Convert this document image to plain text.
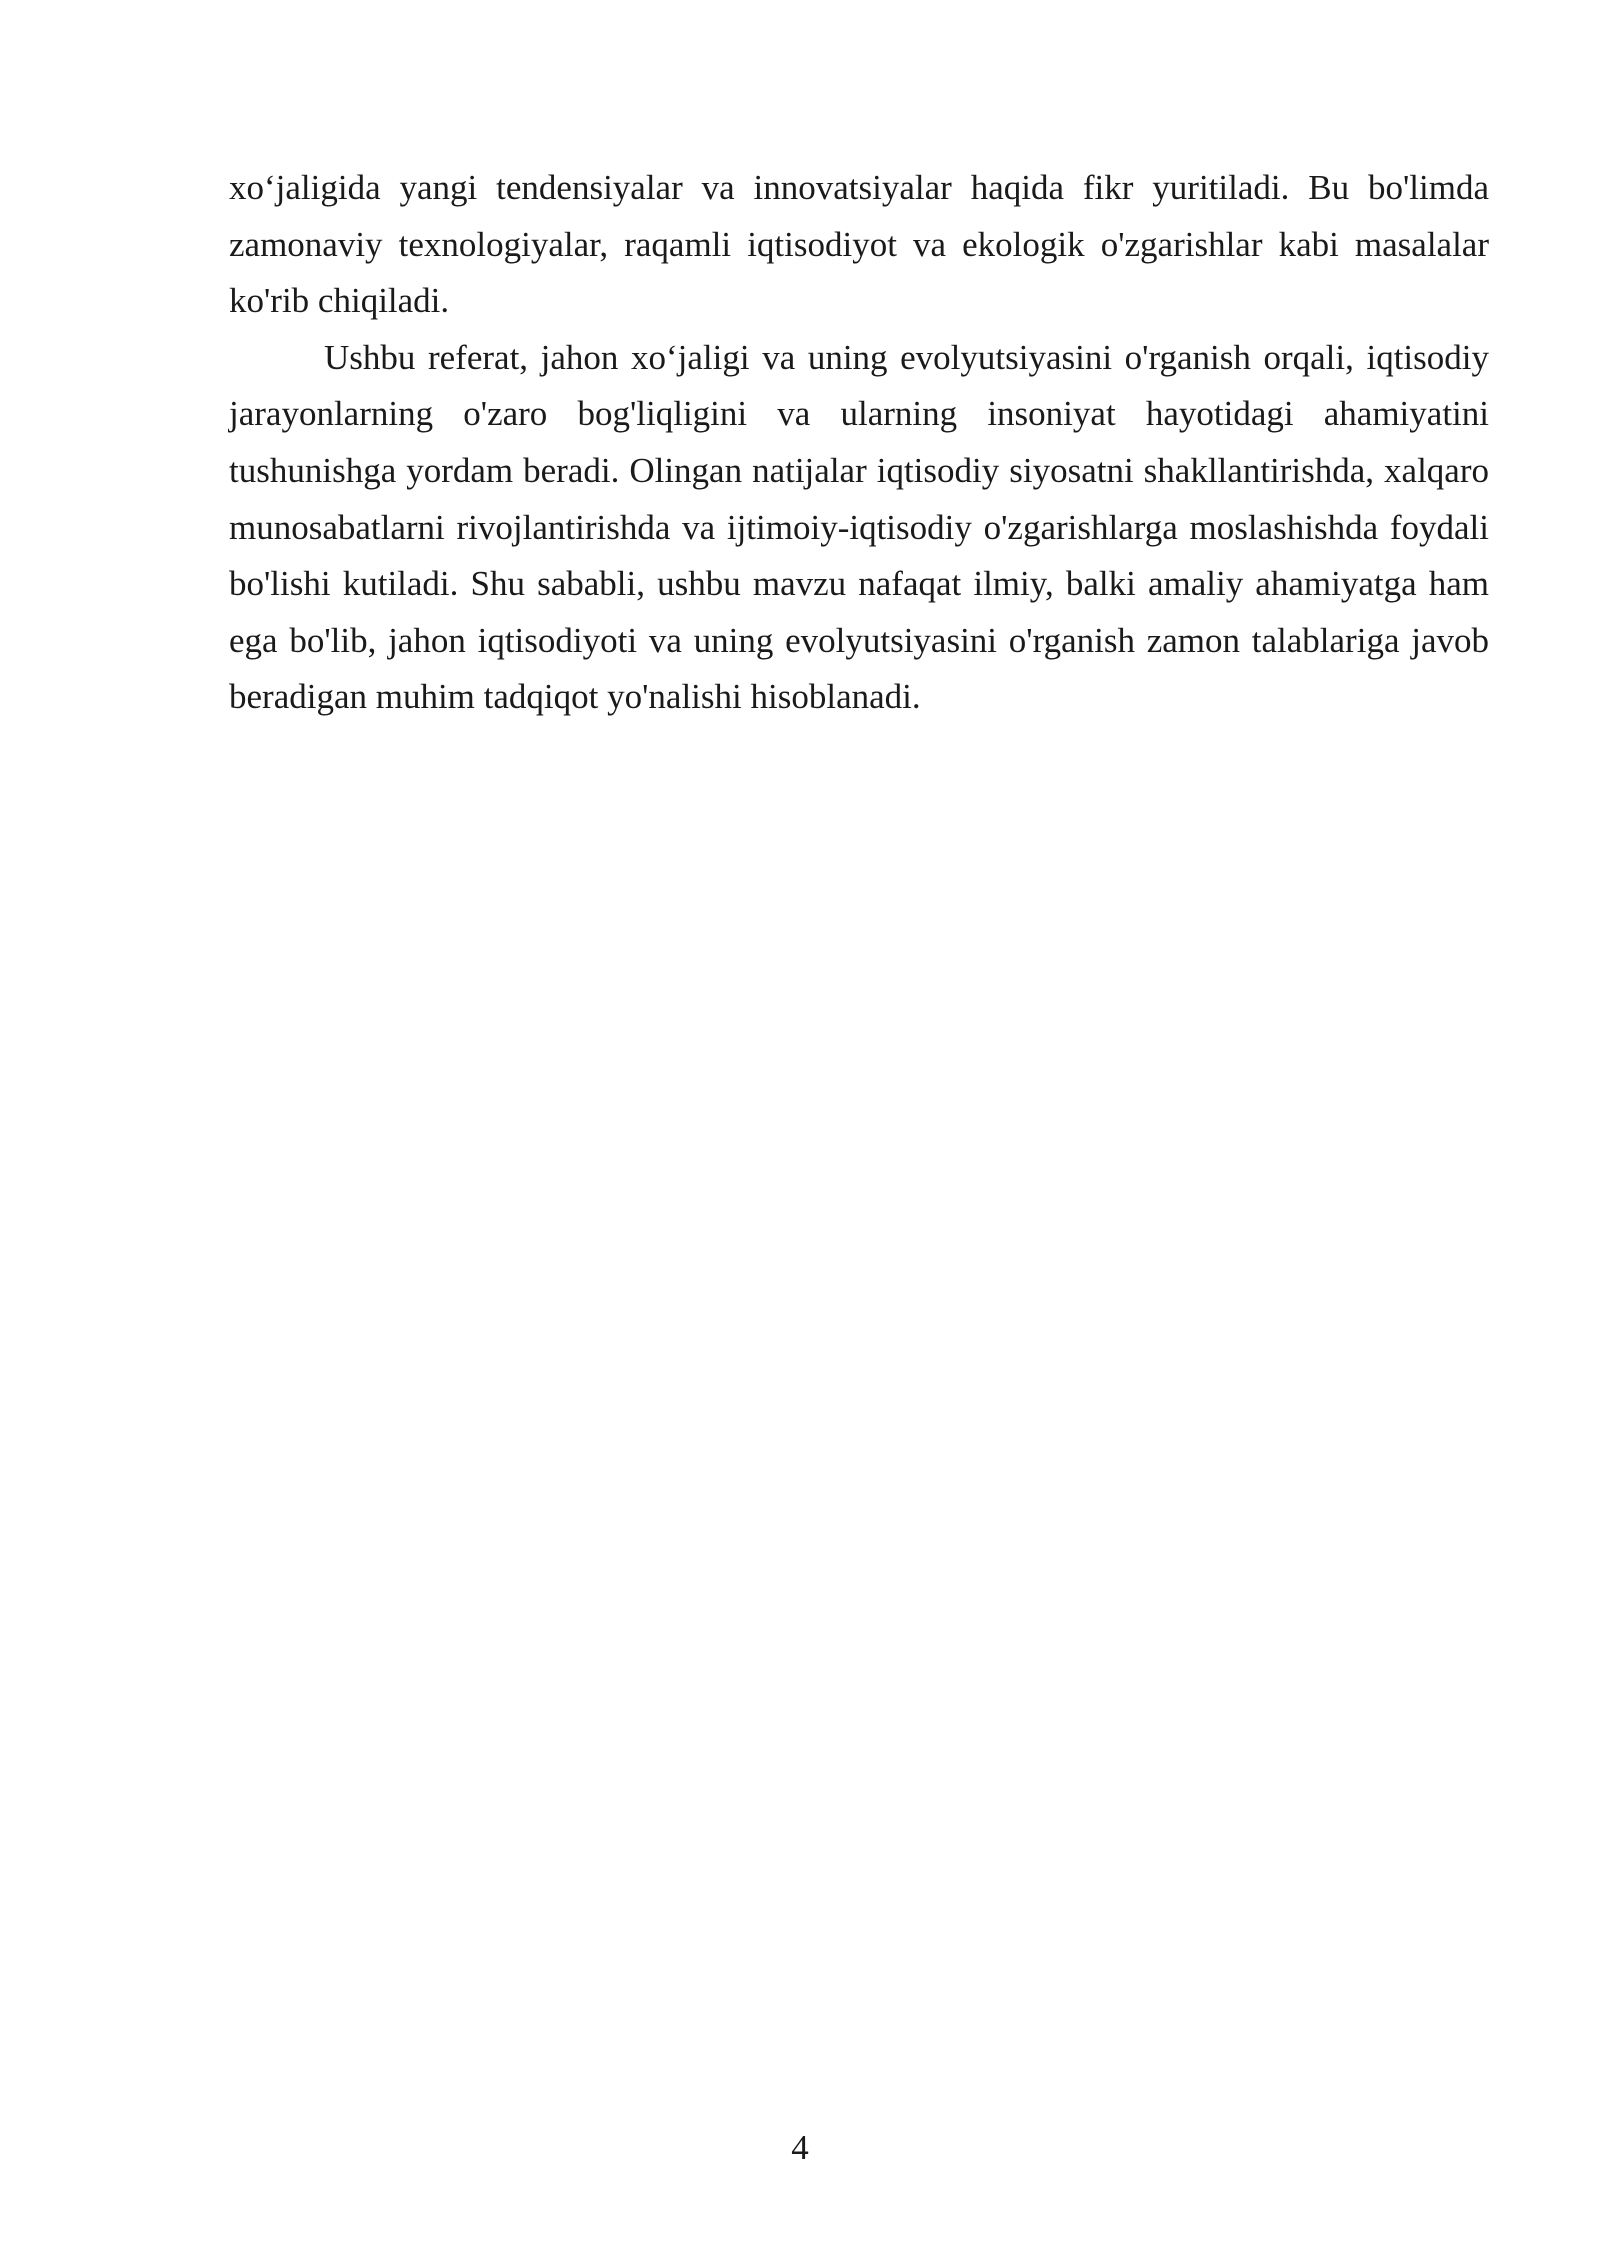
xo‘jaligida yangi tendensiyalar va innovatsiyalar haqida fikr yuritiladi. Bu bo'limda zamonaviy texnologiyalar, raqamli iqtisodiyot va ekologik o'zgarishlar kabi masalalar ko'rib chiqiladi.

Ushbu referat, jahon xo‘jaligi va uning evolyutsiyasini o'rganish orqali, iqtisodiy jarayonlarning o'zaro bog'liqligini va ularning insoniyat hayotidagi ahamiyatini tushunishga yordam beradi. Olingan natijalar iqtisodiy siyosatni shakllantirishda, xalqaro munosabatlarni rivojlantirishda va ijtimoiy-iqtisodiy o'zgarishlarga moslashishda foydali bo'lishi kutiladi. Shu sababli, ushbu mavzu nafaqat ilmiy, balki amaliy ahamiyatga ham ega bo'lib, jahon iqtisodiyoti va uning evolyutsiyasini o'rganish zamon talablariga javob beradigan muhim tadqiqot yo'nalishi hisoblanadi.

4
